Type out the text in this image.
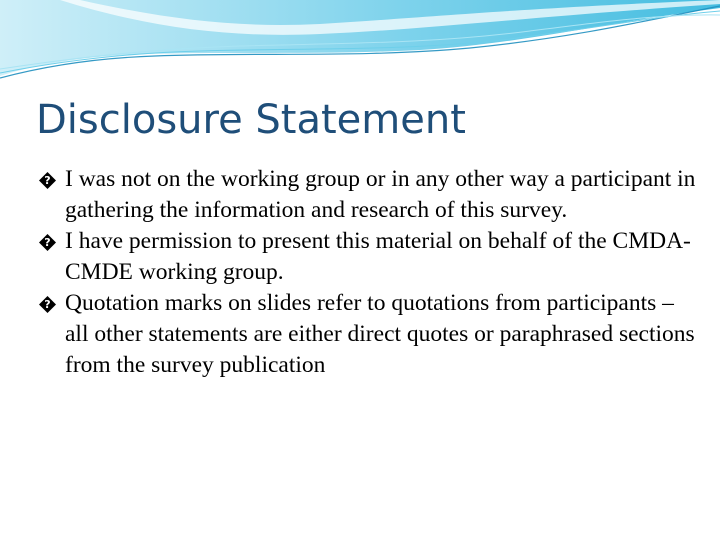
Disclosure Statement
? I was not on the working group or in any other way a participant in gathering the information and research of this survey.
? I have permission to present this material on behalf of the CMDA-CMDE working group.
? Quotation marks on slides refer to quotations from participants – all other statements are either direct quotes or paraphrased sections from the survey publication
